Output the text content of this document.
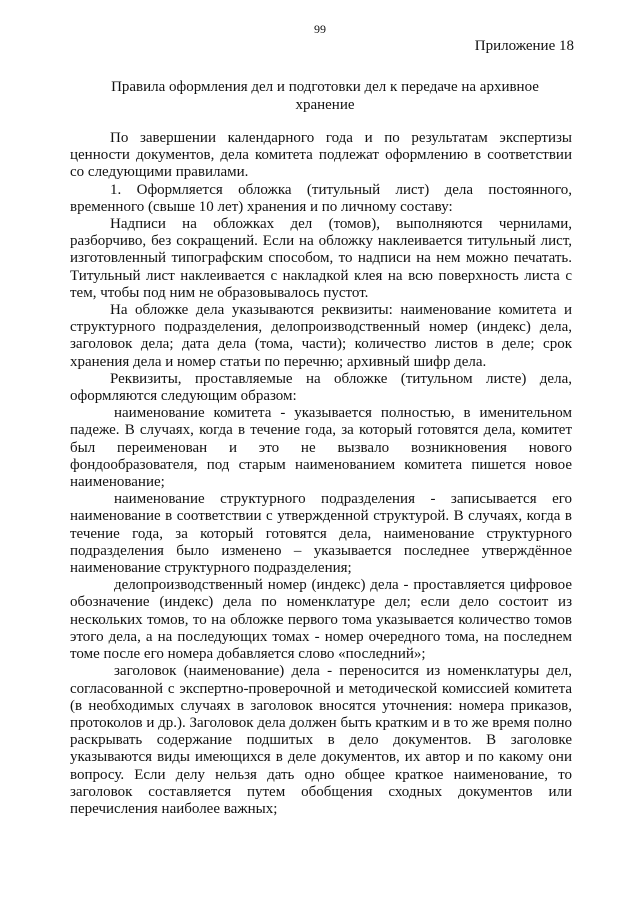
99
Приложение 18
Правила оформления дел и подготовки дел к передаче на архивное хранение

По завершении календарного года и по результатам экспертизы ценности документов, дела комитета подлежат оформлению в соответствии со следующими правилами.

1. Оформляется обложка (титульный лист) дела постоянного, временного (свыше 10 лет) хранения и по личному составу:

Надписи на обложках дел (томов), выполняются чернилами, разборчиво, без сокращений. Если на обложку наклеивается титульный лист, изготовленный типографским способом, то надписи на нем можно печатать. Титульный лист наклеивается с накладкой клея на всю поверхность листа с тем, чтобы под ним не образовывалось пустот.

На обложке дела указываются реквизиты: наименование комитета и структурного подразделения, делопроизводственный номер (индекс) дела, заголовок дела; дата дела (тома, части); количество листов в деле; срок хранения дела и номер статьи по перечню; архивный шифр дела.

Реквизиты, проставляемые на обложке (титульном листе) дела, оформляются следующим образом:

наименование комитета - указывается полностью, в именительном падеже. В случаях, когда в течение года, за который готовятся дела, комитет был переименован и это не вызвало возникновения нового фондообразователя, под старым наименованием комитета пишется новое наименование;

наименование структурного подразделения - записывается его наименование в соответствии с утвержденной структурой. В случаях, когда в течение года, за который готовятся дела, наименование структурного подразделения было изменено – указывается последнее утверждённое наименование структурного подразделения;

делопроизводственный номер (индекс) дела - проставляется цифровое обозначение (индекс) дела по номенклатуре дел; если дело состоит из нескольких томов, то на обложке первого тома указывается количество томов этого дела, а на последующих томах - номер очередного тома, на последнем томе после его номера добавляется слово «последний»;

заголовок (наименование) дела - переносится из номенклатуры дел, согласованной с экспертно-проверочной и методической комиссией комитета (в необходимых случаях в заголовок вносятся уточнения: номера приказов, протоколов и др.). Заголовок дела должен быть кратким и в то же время полно раскрывать содержание подшитых в дело документов. В заголовке указываются виды имеющихся в деле документов, их автор и по какому они вопросу. Если делу нельзя дать одно общее краткое наименование, то заголовок составляется путем обобщения сходных документов или перечисления наиболее важных;
